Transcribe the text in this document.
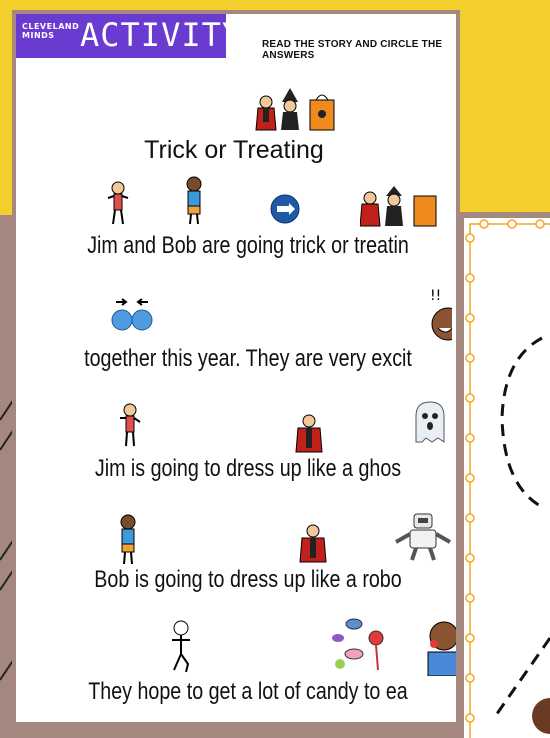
CLEVELAND
MINDS ACTIVITY 1
READ THE STORY AND CIRCLE THE ANSWERS
Trick or Treating
Jim and Bob are going trick or treatin
!!
together this year. They are very excit
Jim is going to dress up like a ghos
Bob is going to dress up like a robo
They hope to get a lot of candy to ea
